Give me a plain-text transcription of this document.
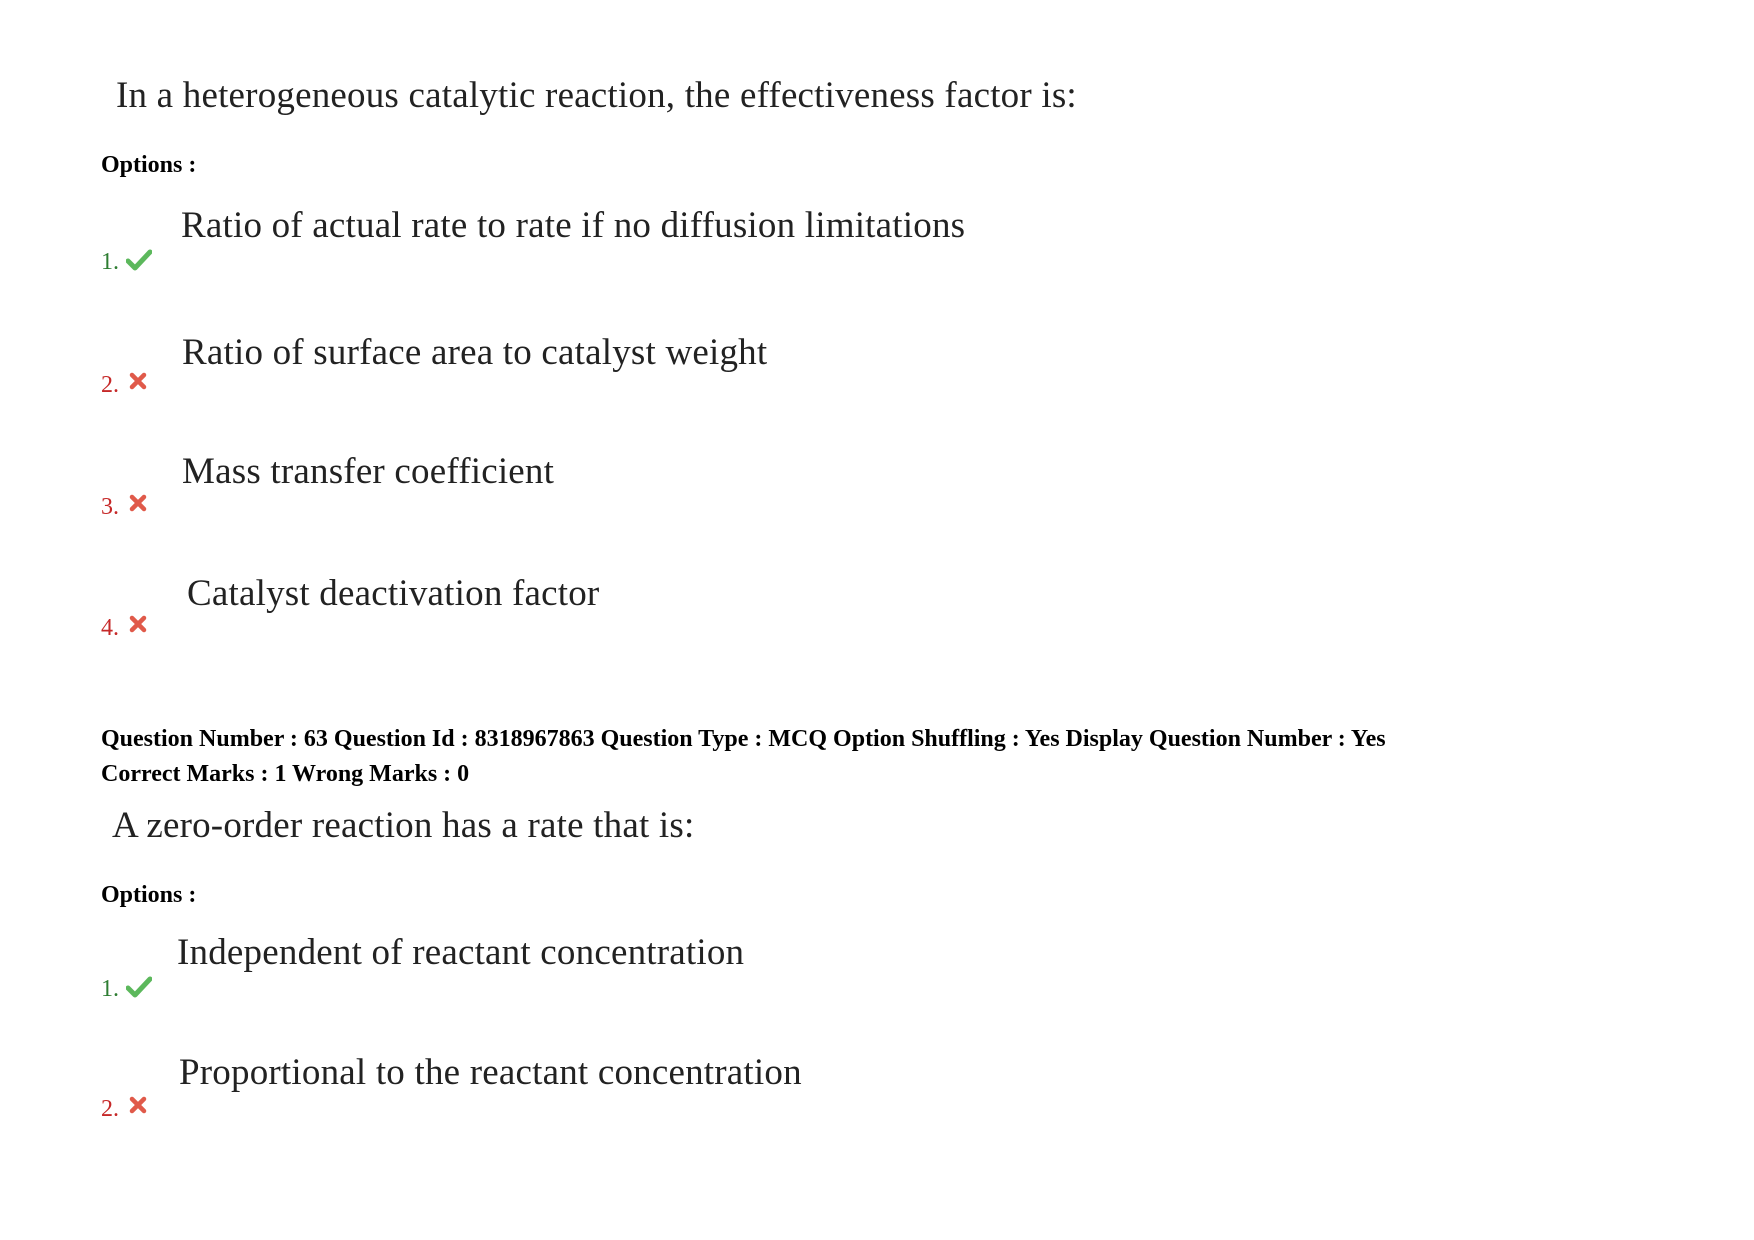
In a heterogeneous catalytic reaction, the effectiveness factor is:
Options :
Ratio of actual rate to rate if no diffusion limitations
1.
Ratio of surface area to catalyst weight
2.
Mass transfer coefficient
3.
Catalyst deactivation factor
4.
Question Number : 63 Question Id : 8318967863 Question Type : MCQ Option Shuffling : Yes Display Question Number : Yes
Correct Marks : 1 Wrong Marks : 0
A zero-order reaction has a rate that is:
Options :
Independent of reactant concentration
1.
Proportional to the reactant concentration
2.
